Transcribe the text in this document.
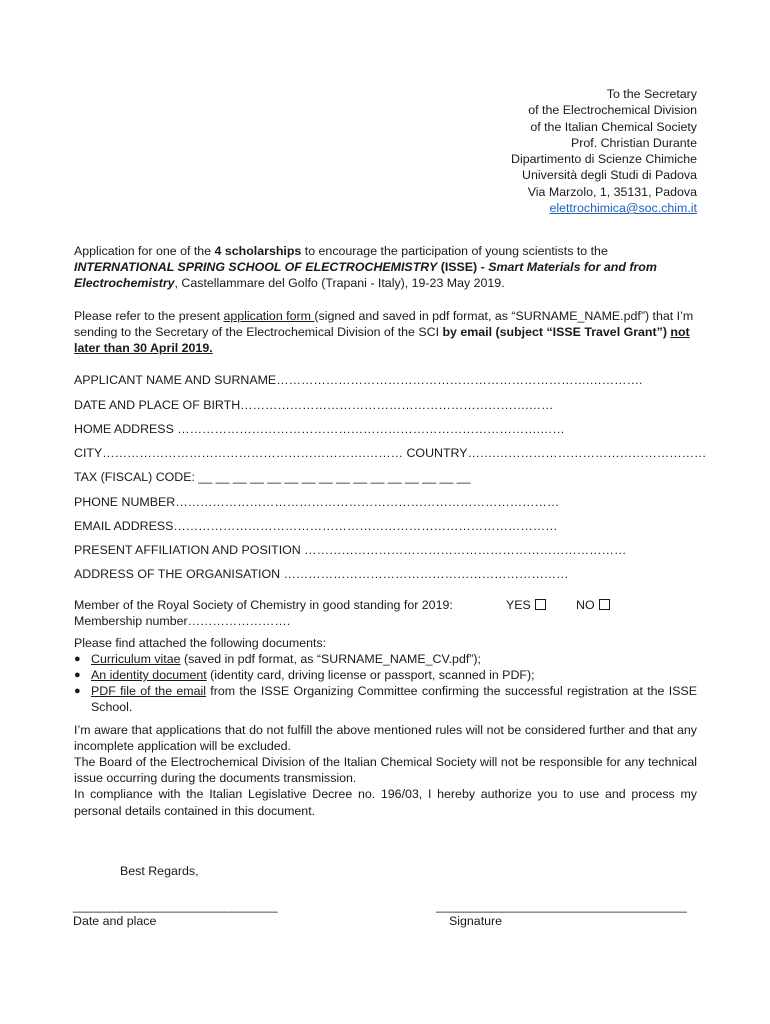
To the Secretary
of the Electrochemical Division
of the Italian Chemical Society
Prof. Christian Durante
Dipartimento di Scienze Chimiche
Università degli Studi di Padova
Via Marzolo, 1, 35131, Padova
elettrochimica@soc.chim.it

Application for one of the 4 scholarships to encourage the participation of young scientists to the INTERNATIONAL SPRING SCHOOL OF ELECTROCHEMISTRY (ISSE) - Smart Materials for and from Electrochemistry, Castellammare del Golfo (Trapani - Italy), 19-23 May 2019.

Please refer to the present application form (signed and saved in pdf format, as “SURNAME_NAME.pdf”) that I’m sending to the Secretary of the Electrochemical Division of the SCI by email (subject “ISSE Travel Grant”) not later than 30 April 2019.

APPLICANT NAME AND SURNAME………………………………………………………………….………….
DATE AND PLACE OF BIRTH…………………………………………………………….……
HOME ADDRESS …………………………………………………………………………….……
CITY……………………………………………………….……… COUNTRY…….……………………………………………
TAX (FISCAL) CODE: __ __ __ __ __ __ __ __ __ __ __ __ __ __ __ __
PHONE NUMBER…………………………………………………………………………………
EMAIL ADDRESS…………………………………………………………………………………
PRESENT AFFILIATION AND POSITION ……………………………………………………………………
ADDRESS OF THE ORGANISATION ……………………………………………………………
Member of the Royal Society of Chemistry in good standing for 2019:	YES	NO
Membership number…………………….

Please find attached the following documents:

● Curriculum vitae (saved in pdf format, as “SURNAME_NAME_CV.pdf”);
● An identity document (identity card, driving license or passport, scanned in PDF);
● PDF file of the email from the ISSE Organizing Committee confirming the successful registration at the ISSE School.

I’m aware that applications that do not fulfill the above mentioned rules will not be considered further and that any incomplete application will be excluded.

The Board of the Electrochemical Division of the Italian Chemical Society will not be responsible for any technical issue occurring during the documents transmission.

In compliance with the Italian Legislative Decree no. 196/03, I hereby authorize you to use and process my personal details contained in this document.

Best Regards,
_______________________________	______________________________________
Date and place	Signature
